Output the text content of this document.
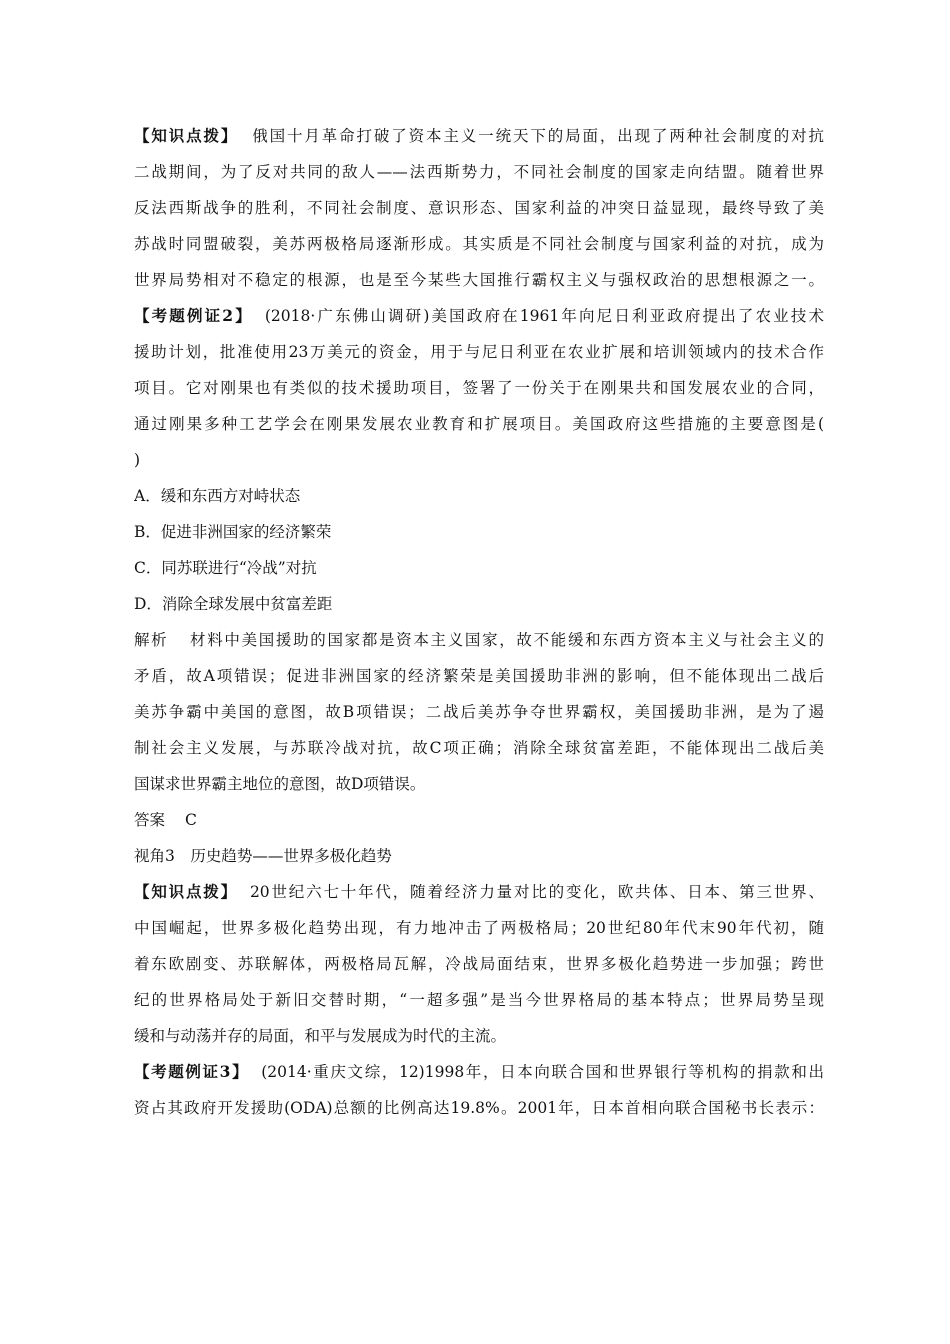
【知识点拨】 俄国十月革命打破了资本主义一统天下的局面，出现了两种社会制度的对抗
二战期间，为了反对共同的敌人——法西斯势力，不同社会制度的国家走向结盟。随着世界
反法西斯战争的胜利，不同社会制度、意识形态、国家利益的冲突日益显现，最终导致了美
苏战时同盟破裂，美苏两极格局逐渐形成。其实质是不同社会制度与国家利益的对抗，成为
世界局势相对不稳定的根源，也是至今某些大国推行霸权主义与强权政治的思想根源之一。
【考题例证2】 (2018·广东佛山调研)美国政府在1961年向尼日利亚政府提出了农业技术
援助计划，批准使用23万美元的资金，用于与尼日利亚在农业扩展和培训领域内的技术合作
项目。它对刚果也有类似的技术援助项目，签署了一份关于在刚果共和国发展农业的合同，
通过刚果多种工艺学会在刚果发展农业教育和扩展项目。美国政府这些措施的主要意图是(
)
A．缓和东西方对峙状态
B．促进非洲国家的经济繁荣
C．同苏联进行“冷战”对抗
D．消除全球发展中贫富差距
解析 材料中美国援助的国家都是资本主义国家，故不能缓和东西方资本主义与社会主义的
矛盾，故A项错误；促进非洲国家的经济繁荣是美国援助非洲的影响，但不能体现出二战后
美苏争霸中美国的意图，故B项错误；二战后美苏争夺世界霸权，美国援助非洲，是为了遏
制社会主义发展，与苏联冷战对抗，故C项正确；消除全球贫富差距，不能体现出二战后美
国谋求世界霸主地位的意图，故D项错误。
答案 C
视角3　历史趋势——世界多极化趋势
【知识点拨】 20世纪六七十年代，随着经济力量对比的变化，欧共体、日本、第三世界、
中国崛起，世界多极化趋势出现，有力地冲击了两极格局；20世纪80年代末90年代初，随
着东欧剧变、苏联解体，两极格局瓦解，冷战局面结束，世界多极化趋势进一步加强；跨世
纪的世界格局处于新旧交替时期，“一超多强”是当今世界格局的基本特点；世界局势呈现
缓和与动荡并存的局面，和平与发展成为时代的主流。
【考题例证3】 (2014·重庆文综，12)1998年，日本向联合国和世界银行等机构的捐款和出
资占其政府开发援助(ODA)总额的比例高达19.8%。2001年，日本首相向联合国秘书长表示：
